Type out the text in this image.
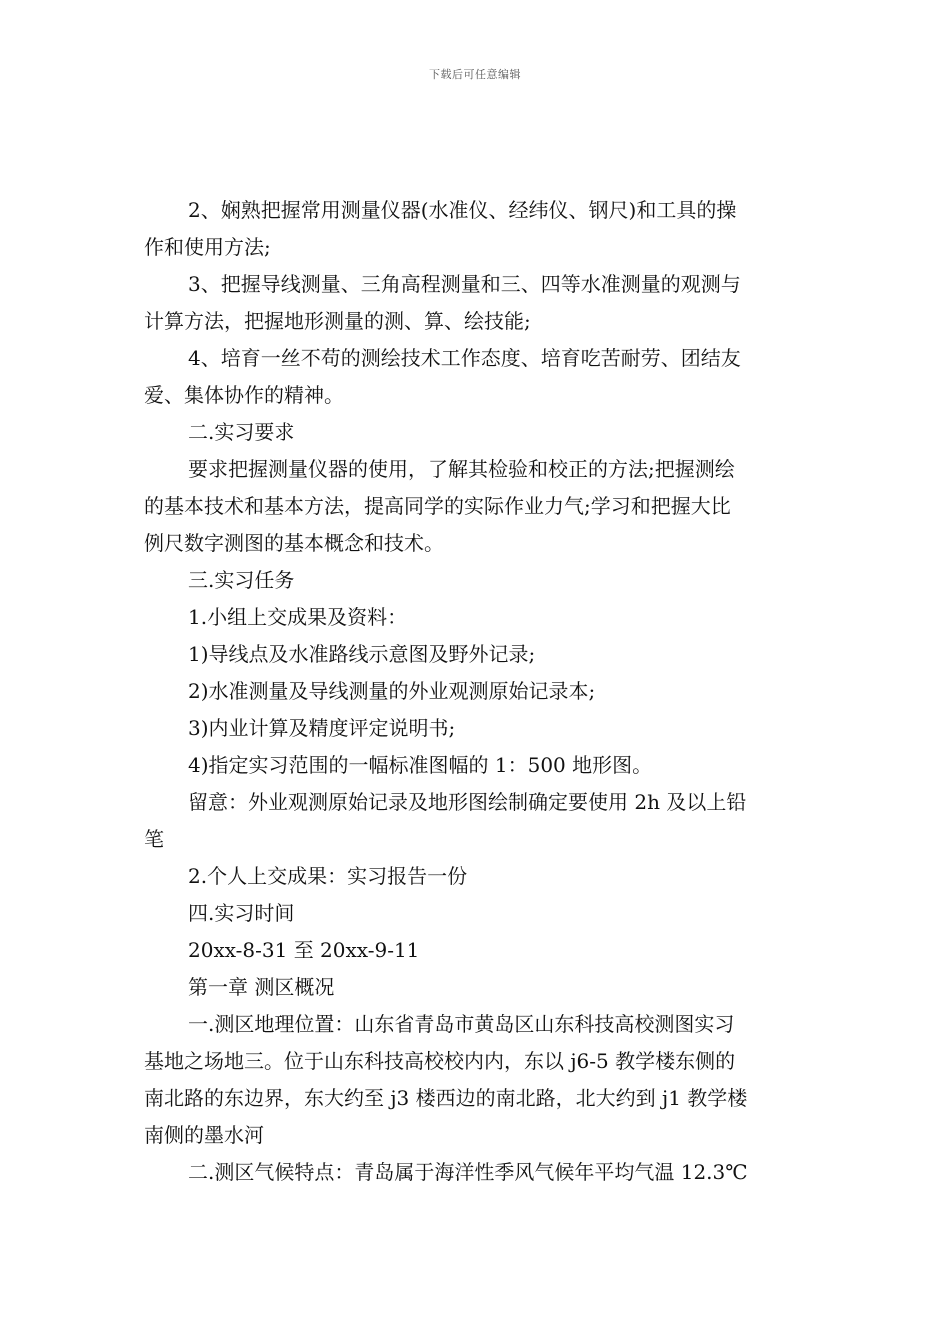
下载后可任意编辑
2、娴熟把握常用测量仪器(水准仪、经纬仪、钢尺)和工具的操
作和使用方法;
3、把握导线测量、三角高程测量和三、四等水准测量的观测与
计算方法，把握地形测量的测、算、绘技能;
4、培育一丝不苟的测绘技术工作态度、培育吃苦耐劳、团结友
爱、集体协作的精神。
二.实习要求
要求把握测量仪器的使用，了解其检验和校正的方法;把握测绘
的基本技术和基本方法，提高同学的实际作业力气;学习和把握大比
例尺数字测图的基本概念和技术。
三.实习任务
1.小组上交成果及资料：
1)导线点及水准路线示意图及野外记录;
2)水准测量及导线测量的外业观测原始记录本;
3)内业计算及精度评定说明书;
4)指定实习范围的一幅标准图幅的 1：500 地形图。
留意：外业观测原始记录及地形图绘制确定要使用 2h 及以上铅
笔
2.个人上交成果：实习报告一份
四.实习时间
20xx-8-31 至 20xx-9-11
第一章 测区概况
一.测区地理位置：山东省青岛市黄岛区山东科技高校测图实习
基地之场地三。位于山东科技高校校内内，东以 j6-5 教学楼东侧的
南北路的东边界，东大约至 j3 楼西边的南北路，北大约到 j1 教学楼
南侧的墨水河
二.测区气候特点：青岛属于海洋性季风气候年平均气温 12.3℃
